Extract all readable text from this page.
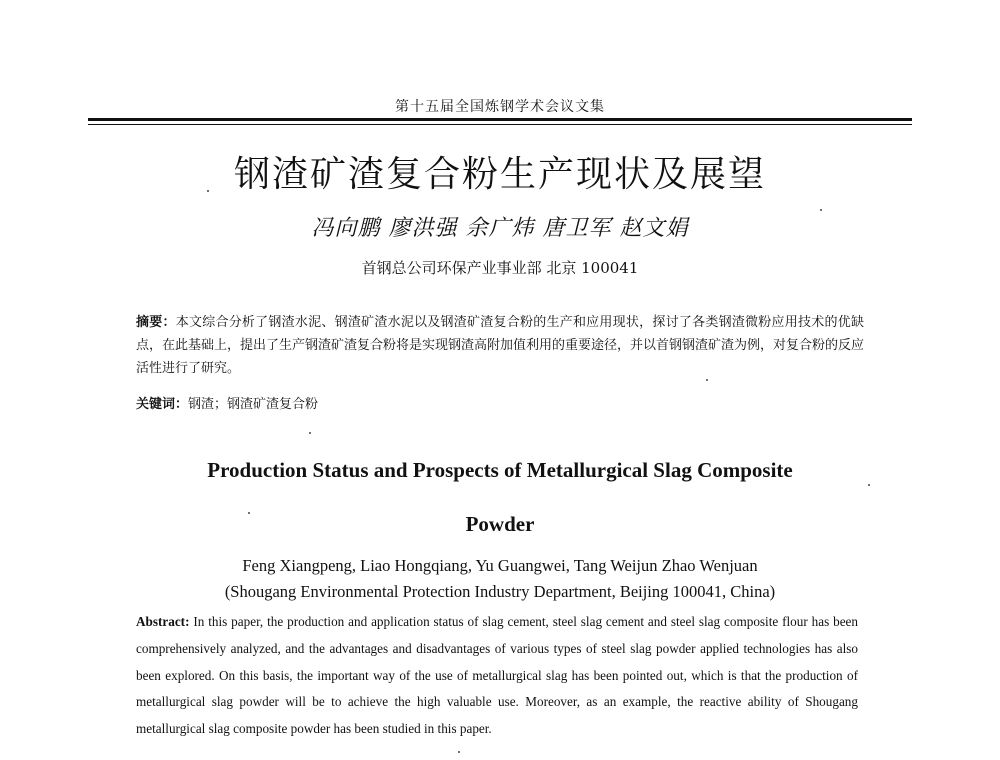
第十五届全国炼钢学术会议文集
钢渣矿渣复合粉生产现状及展望
冯向鹏 廖洪强 余广炜 唐卫军 赵文娟
首钢总公司环保产业事业部 北京 100041
摘要：本文综合分析了钢渣水泥、钢渣矿渣水泥以及钢渣矿渣复合粉的生产和应用现状，探讨了各类钢渣微粉应用技术的优缺点，在此基础上，提出了生产钢渣矿渣复合粉将是实现钢渣高附加值利用的重要途径，并以首钢钢渣矿渣为例，对复合粉的反应活性进行了研究。
关键词：钢渣；钢渣矿渣复合粉
Production Status and Prospects of Metallurgical Slag Composite
Powder
Feng Xiangpeng, Liao Hongqiang, Yu Guangwei, Tang Weijun Zhao Wenjuan
(Shougang Environmental Protection Industry Department, Beijing 100041, China)
Abstract: In this paper, the production and application status of slag cement, steel slag cement and steel slag composite flour has been comprehensively analyzed, and the advantages and disadvantages of various types of steel slag powder applied technologies has also been explored. On this basis, the important way of the use of metallurgical slag has been pointed out, which is that the production of metallurgical slag powder will be to achieve the high valuable use. Moreover, as an example, the reactive ability of Shougang metallurgical slag composite powder has been studied in this paper.
